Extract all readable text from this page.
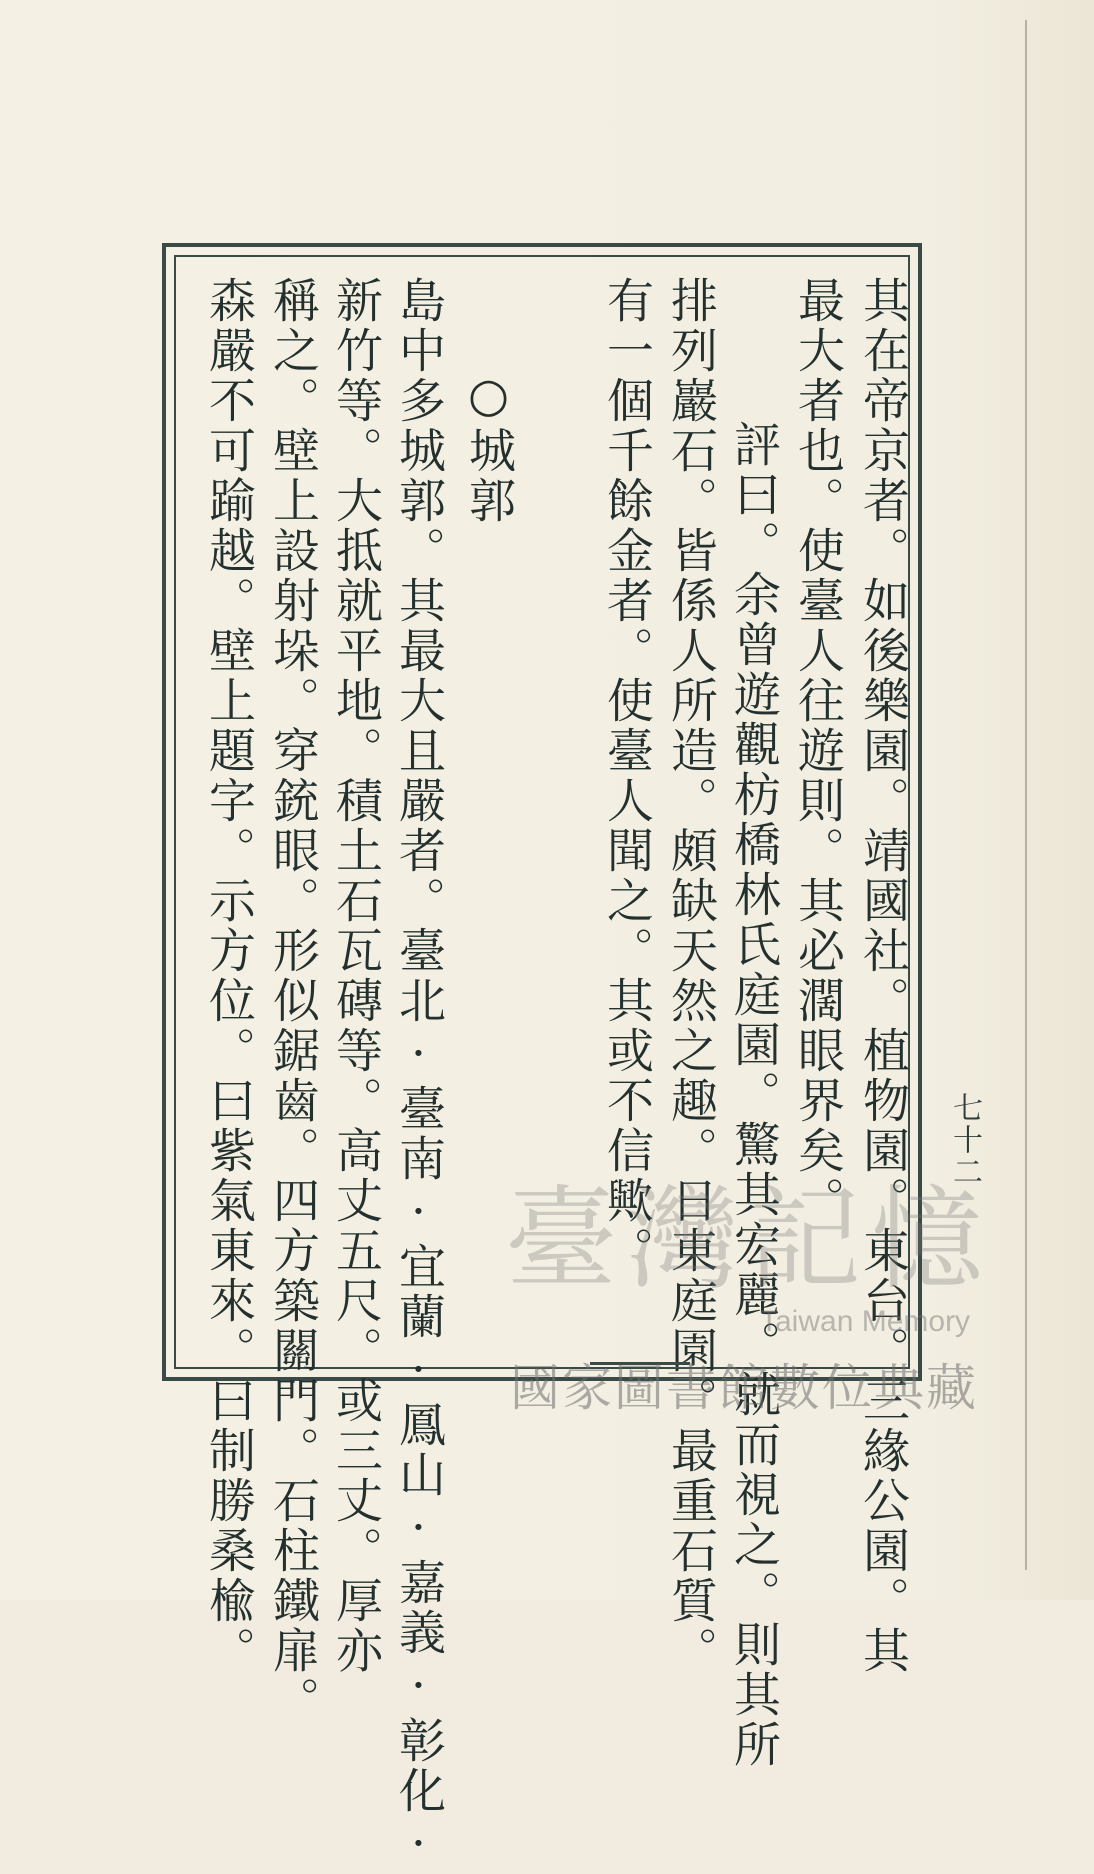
七十二
其在帝京者。如後樂園。靖國社。植物園。東台。三緣公園。其
最大者也。使臺人往遊則。其必濶眼界矣。
評曰。余曾遊觀枋橋林氏庭園。驚其宏麗。就而視之。則其所
排列巖石。皆係人所造。頗缺天然之趣。日東庭園。最重石質。
有一個千餘金者。使臺人聞之。其或不信歟。
○城郭
島中多城郭。其最大且嚴者。臺北·臺南·宜蘭·鳳山·嘉義·彰化·
新竹等。大抵就平地。積土石瓦磚等。高丈五尺。或三丈。厚亦
稱之。壁上設射垛。穿銃眼。形似鋸齒。四方築關門。石柱鐵扉。
森嚴不可踰越。壁上題字。示方位。曰紫氣東來。曰制勝桑楡。 臺灣記憶
Taiwan Memory
國家圖書館數位典藏
